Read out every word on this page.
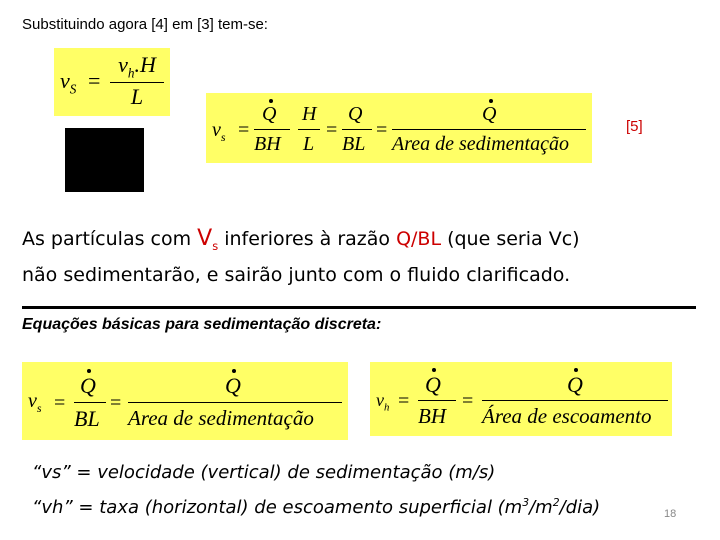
Substituindo agora [4] em [3] tem-se:
$v_S$ =
$v_h.H$
L
$v_s$ =
Q
BH
H
L
=
Q
BL
=
Q
Area de sedimentação
[5]
As partículas com $V_s$ inferiores à razão Q/BL (que seria Vc)
não sedimentarão, e sairão junto com o fluido clarificado.
Equações básicas para sedimentação discreta:
$v_s$ =
Q
BL
=
Q
Area de sedimentação
$v_h$ =
Q
BH
=
Q
Área de escoamento
“vs” = velocidade (vertical) de sedimentação (m/s)
“vh” = taxa (horizontal) de escoamento superficial $(m^3/m^2/dia)$	18
